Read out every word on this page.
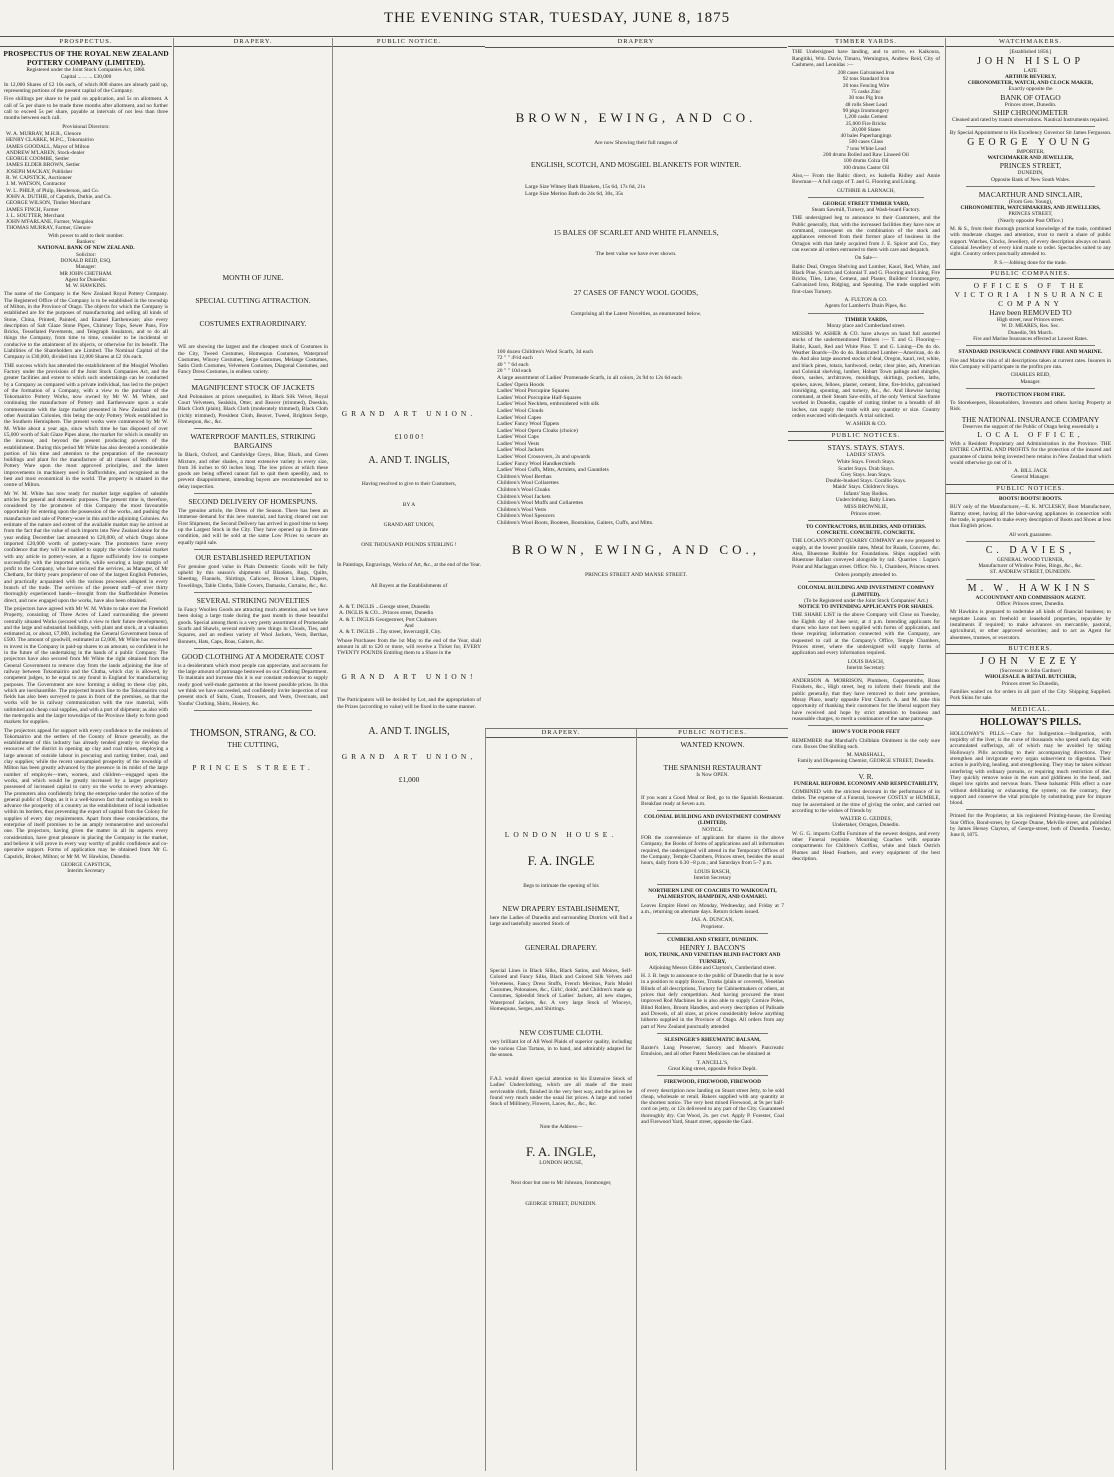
THE EVENING STAR, TUESDAY, JUNE 8, 1875
PROSPECTUS.
PROSPECTUS OF THE ROYAL NEW ZEALAND POTTERY COMPANY (LIMITED).
Registered under the Joint Stock Companies Act, 1860.
Capital ... ... ... £30,000
In 12,000 Shares of £2 10s each, of which 800 shares are already paid up, representing portions of the present capital of the Company.
Five shillings per share to be paid on application, and 5s on allotment. A call of 5s per share to be made three months after allotment, and no further call to exceed 5s per share, payable at intervals of not less than three months between each call.
Provisional Directors:
W. A. MURRAY, M.H.R., Glenore
HENRY CLARKE, M.P.C., Tokomairiro
JAMES GOODALL, Mayor of Milton
ANDREW M'LAREN, Stock-dealer
GEORGE COOMBE, Settler
JAMES ELDER BROWN, Settler
JOSEPH MACKAY, Publisher
R. W. CAPSTICK, Auctioneer
J. M. WATSON, Contractor
W. L. PHILP, of Philp, Henderson, and Co.
JOHN A. DUTHIE, of Capstick, Duthie, and Co.
GEORGE WILSON, Timber Merchant
JAMES FINCH, Farmer
J. L. SOUTTER, Merchant
JOHN M'FARLANE, Farmer, Waugalea
THOMAS MURRAY, Farmer, Glenore
With power to add to their number.
Bankers:
NATIONAL BANK OF NEW ZEALAND.
Solicitor:
DONALD REID, ESQ.
Manager:
MR JOHN CHETHAM.
Agent for Dunedin:
M. W. HAWKINS.
The name of the Company is the New Zealand Royal Pottery Company. The Registered Office of the Company is to be established in the township of Milton, in the Province of Otago. The objects for which the Company is established are for the purposes of manufacturing and selling all kinds of Stone, China, Printed, Painted, and Enamel Earthenware; also every description of Salt Glaze Stone Pipes, Chimney Tops, Sewer Pans, Fire Bricks, Tessellated Pavements, and Telegraph Insulators, and to do all things the Company, from time to time, consider to be incidental or conducive to the attainment of its objects, or otherwise for its benefit. The Liabilities of the Shareholders are Limited. The Nominal Capital of the Company is £30,000, divided into 12,000 Shares at £2 10s each.
THE success which has attended the establishment of the Mosgiel Woollen Factory under the provisions of the Joint Stock Companies Act, and the greater facilities and extent to which such undertakings can be conducted by a Company as compared with a private individual, has led to the project of the formation of a Company, with a view to the purchase of the Tokomairiro Pottery Works, now owned by Mr W. M. White, and continuing the manufacture of Pottery and Earthenware upon a scale commensurate with the large market presented in New Zealand and the other Australian Colonies, this being the only Pottery Work established in the Southern Hemisphere. The present works were commenced by Mr W. M. White about a year ago, since which time he has disposed of over £5,000 worth of Salt Glaze Pipes alone, the market for which is steadily on the increase, and beyond the present producing powers of the establishment. During this period Mr White has also devoted a considerable portion of his time and attention to the preparation of the necessary buildings and plant for the manufacture of all classes of Staffordshire Pottery Ware upon the most approved principles, and the latest improvements in machinery used in Staffordshire, and recognised as the best and most economical in the world. The property is situated in the centre of Milton.
Mr W. M. White has now ready for market large supplies of saleable articles for general and domestic purposes. The present time is, therefore, considered by the promoters of this Company the most favourable opportunity for entering upon the possession of the works, and pushing the manufacture and sale of Pottery-ware in this and the adjoining Colonies. An estimate of the nature and extent of the available market may be arrived at from the fact that the value of such imports into New Zealand alone for the year ending December last amounted to £20,000, of which Otago alone imported £20,000 worth of pottery-ware. The promoters have every confidence that they will be enabled to supply the whole Colonial market with any article in pottery-ware, at a figure sufficiently low to compete successfully with the imported article, while securing a large margin of profit to the Company, who have secured the services, as Manager, of Mr Chetham, for thirty years proprietor of one of the largest English Potteries, and practically acquainted with the various processes adopted in every branch of the trade. The services of the present staff—of over thirty thoroughly experienced hands—brought from the Staffordshire Potteries direct, and now engaged upon the works, have also been obtained.
The projectors have agreed with Mr W. M. White to take over the Freehold Property, consisting of Three Acres of Land surrounding the present centrally situated Works (secured with a view to their future development), and the large and substantial buildings, with plant and stock, at a valuation estimated at, or about, £7,000, including the General Government bonus of £500. The amount of goodwill, estimated at £2,000, Mr White has resolved to invest in the Company in paid-up shares to an amount, so confident is he in the future of the undertaking in the hands of a public Company. The projectors have also secured from Mr White the right obtained from the General Government to remove clay from the lands adjoining the line of railway between Tokomairiro and the Clutha, which clay is allowed, by competent judges, to be equal to any found in England for manufacturing purposes. The Government are now forming a siding to these clay pits, which are inexhaustible. The projected branch line to the Tokomairiro coal fields has also been surveyed to pass in front of the premises, so that the works will be in railway communication with the raw material, with unlimited and cheap coal supplies, and with a port of shipment; as also with the metropolis and the larger townships of the Province likely to form good markets for supplies.
The projectors appeal for support with every confidence to the residents of Tokomairiro and the settlers of the County of Bruce generally, as the establishment of this industry has already tended greatly to develop the resources of the district in opening up clay and coal mines, employing a large amount of outside labour in procuring and carting timber, coal, and clay supplies; while the recent unexampled prosperity of the township of Milton has been greatly advanced by the presence in its midst of the large number of employés—men, women, and children—engaged upon the works, and which would be greatly increased by a larger proprietary possessed of increased capital to carry on the works to every advantage. The promoters also confidently bring the enterprise under the notice of the general public of Otago, as it is a well-known fact that nothing so tends to advance the prosperity of a country as the establishment of local industries within its borders, thus preventing the export of capital from the Colony for supplies of every day requirements. Apart from these considerations, the enterprise of itself promises to be an amply remunerative and successful one. The projectors, having given the matter in all its aspects every consideration, have great pleasure in placing the Company in the market, and believe it will prove in every way worthy of public confidence and co-operative support. Forms of application may be obtained from Mr G. Capstick, Broker, Milton; or Mr M. W. Hawkins, Dunedin.
GEORGE CAPSTICK,
Interim Secretary
DRAPERY.
MONTH OF JUNE.
SPECIAL CUTTING ATTRACTION.
COSTUMES EXTRAORDINARY.
WE are showing the largest and the cheapest stock of Costumes in the City, Tweed Costumes, Homespun Costumes, Waterproof Costumes, Wincey Costumes, Serge Costumes, Melange Costumes, Satin Cloth Costumes, Velveteen Costumes, Diagonal Costumes, and Fancy Dress Costumes, in endless variety.
MAGNIFICENT STOCK OF JACKETS
And Polonaises at prices unequalled, in Black Silk Velvet, Royal Court Velveteen, Sealskin, Otter, and Beaver (trimmed), Doeskin, Black Cloth (plain), Black Cloth (moderately trimmed), Black Cloth (richly trimmed), President Cloth, Beaver, Tweed, Brighton Serge, Homespun, &c., &c.
WATERPROOF MANTLES, STRIKING BARGAINS
In Black, Oxford, and Cambridge Greys, Blue, Black, and Green Mixture, and other shades, a most extensive variety in every size, from 36 inches to 60 inches long. The low prices at which these goods are being offered cannot fail to quit them speedily, and, to prevent disappointment, intending buyers are recommended not to delay inspection.
SECOND DELIVERY OF HOMESPUNS.
The genuine article, the Dress of the Season. There has been an immense demand for this new material, and having cleared out our First Shipment, the Second Delivery has arrived in good time to keep up the Largest Stock in the City. They have opened up in first-rate condition, and will be sold at the same Low Prices to secure an equally rapid sale.
OUR ESTABLISHED REPUTATION
For genuine good value in Plain Domestic Goods will be fully upheld by this season's shipments of Blankets, Rugs, Quilts, Sheeting, Flannels, Shirtings, Calicoes, Brown Linen, Diapers, Towellings, Table Cloths, Table Covers, Damasks, Curtains, &c., &c.
SEVERAL STRIKING NOVELTIES
In Fancy Woollen Goods are attracting much attention, and we have been doing a large trade during the past month in these beautiful goods. Special among them is a very pretty assortment of Promenade Scarfs and Shawls, several entirely new things in Clouds, Ties, and Squares, and an endless variety of Wool Jackets, Vests, Berthas, Bonnets, Hats, Caps, Boas, Gaiters, &c.
GOOD CLOTHING AT A MODERATE COST
is a desideratum which most people can appreciate, and accounts for the large amount of patronage bestowed on our Clothing Department. To maintain and increase this it is our constant endeavour to supply ready good well-made garments at the lowest possible prices. In this we think we have succeeded, and confidently invite inspection of our present stock of Suits, Coats, Trousers, and Vests, Overcoats, and Youths' Clothing, Shirts, Hosiery, &c.
THOMSON, STRANG, & CO.
THE CUTTING,
PRINCES STREET.
PUBLIC NOTICE.
GRAND ART UNION.
£1 0 0 0 !
A. AND T. INGLIS,
Having resolved to give to their Customers,
BY A
GRAND ART UNION,
ONE THOUSAND POUNDS STERLING !
In Paintings, Engravings, Works of Art, &c., at the end of the Year.
All Buyers at the Establishments of
A. & T. INGLIS ...George street, Dunedin
A. INGLIS & CO....Princes street, Dunedin
A. & T. INGLIS Georgestreet, Port Chalmers
And
A. & T. INGLIS ...Tay street, Invercargill, City.
Whose Purchases from the 1st May to the end of the Year, shall amount in all to £20 or more, will receive a Ticket for, EVERY TWENTY POUNDS Entitling them to a Share in the
GRAND ART UNION!
The Participators will be decided by Lot, and the appropriation of the Prizes (according to value) will be fixed in the same manner.
A. AND T. INGLIS,
GRAND ART UNION,
£1,000
DRAPERY
BROWN, EWING, AND CO.
Are now Showing their full ranges of
ENGLISH, SCOTCH, AND MOSGIEL BLANKETS FOR WINTER.
Large Size Witney Bath Blankets, 15s 6d, 17s 6d, 21s
Large Size Merino Bath do 24s 6d, 30s, 35s
15 BALES OF SCARLET AND WHITE FLANNELS,
The best value we have ever shown.
27 CASES OF FANCY WOOL GOODS,
Comprising all the Latest Novelties, as enumerated below.
100 dozen Children's Wool Scarfs, 3d each
72 " " 4½d each
40 " " 6d each
20 " " 10d each
A large assortment of Ladies' Promenade Scarfs, in all colors, 2s 9d to 12s 6d each
Ladies' Opera Hoods
Ladies' Wool Porcupine Squares
Ladies' Wool Porcupine Half-Squares
Ladies' Wool Necklets, embroidered with silk
Ladies' Wool Clouds
Ladies' Wool Capes
Ladies' Fancy Wool Tippets
Ladies' Wool Opera Cloaks (choice)
Ladies' Wool Caps
Ladies' Wool Vests
Ladies' Wool Jackets
Ladies' Wool Crossovers, 2s and upwards
Ladies' Fancy Wool Handkerchiefs
Ladies' Wool Cuffs, Mitts, Armlets, and Gauntlets
Children's Wool Berthas
Children's Wool Collarettes
Children's Wool Cloaks
Children's Wool Jackets
Children's Wool Muffs and Collarettes
Children's Wool Vests
Children's Wool Spencers
Children's Wool Boots, Bootees, Bootakins, Gaiters, Cuffs, and Mitts.
BROWN, EWING, AND CO.,
PRINCES STREET AND MANSE STREET.
DRAPERY.
LONDON HOUSE.
F. A. INGLE
Begs to intimate the opening of his
NEW DRAPERY ESTABLISHMENT,
here the Ladies of Dunedin and surrounding Districts will find a large and tastefully assorted Stock of
GENERAL DRAPERY.
Special Lines in Black Silks, Black Satins, and Moires, Self-Colored and Fancy Silks, Black and Colored Silk Velvets and Velveteens, Fancy Dress Stuffs, French Merinos, Paris Model Costumes, Polonaises, &c., Girls', doids', and Children's made up Costumes, Splendid Stock of Ladies' Jackets, all new shapes, Waterproof Jackets, &c. A very large Stock of Winceys, Homespuns, Serges, and Shirtings.
NEW COSTUME CLOTH.
very brilliant lot of All Wool Plaids of superior quality, including the various Clan Tartans, in to hand, and admirably adapted for the season.
F.A.I. would direct special attention to his Extensive Stock of Ladies' Underclothing, which are all made of the most serviceable cloth, finished in the very best way, and the prices be found very much under the usual list prices. A large and varied Stock of Millinery, Flowers, Laces, &c., &c., &c.
Note the Address—
F. A. INGLE,
LONDON HOUSE,
Next door but one to Mr Johnson, Ironmonger,
GEORGE STREET, DUNEDIN.
PUBLIC NOTICES.
WANTED KNOWN.
THE SPANISH RESTAURANT
Is Now OPEN.
If you want a Good Meal or Bed, go to the Spanish Restaurant. Breakfast ready at Seven a.m.
COLONIAL BUILDING AND INVESTMENT COMPANY (LIMITED).
NOTICE.
FOR the convenience of applicants for shares in the above Company, the Books of forms of applications and all information required, the undersigned will attend in the Temporary Offices of the Company, Temple Chambers, Princes street, besides the usual hours, daily from 6.30 –8 p.m.; and Saturdays from 5–7 p.m.
LOUIS BASCH,
Interim Secretary
NORTHERN LINE OF COACHES TO WAIKOUAITI, PALMERSTON, HAMPDEN, AND OAMARU.
Leaves Empire Hotel on Monday, Wednesday, and Friday at 7 a.m., returning on alternate days. Return tickets issued.
JAS. A. DUNCAN,
Proprietor.
CUMBERLAND STREET, DUNEDIN.
HENRY J. BACON'S
BOX, TRUNK, AND VENETIAN BLIND FACTORY AND TURNERY,
Adjoining Messrs Gibbs and Clayton's, Cumberland street.
H. J. B. begs to announce to the public of Dunedin that he is now in a position to supply Boxes, Trunks (plain or covered), Venetian Blinds of all descriptions, Turnery for Cabinetmakers or others, at prices that defy competition. And having procured the most improved Rod Machines he is also able to supply Cornice Poles, Blind Rollers, Broom Handles, and every description of Palisade and Dowels, of all sizes, at prices considerably below anything hitherto supplied in the Province of Otago. All orders from any part of New Zealand punctually attended
SLESINGER'S RHEUMATIC BALSAM,
Baxter's Lung Preserver, Savory and Moore's Pancreatic Emulsion, and all other Patent Medicines can be obtained at
T. ANCELL'S,
Great King street, opposite Police Depôt.
FIREWOOD, FIREWOOD, FIREWOOD
of every description now landing on Stuart street Jetty, to be sold cheap, wholesale or retail. Bakers supplied with any quantity at the shortest notice. The very best mixed Firewood, at 9s per half-cord on jetty, or 12s delivered to any part of the City. Guaranteed thoroughly dry. Cut Wood, 2s. per cwt. Apply P. Forester, Coal and Firewood Yard, Stuart street, opposite the Gaol.
TIMBER YARDS.
THE Undersigned have landing, and to arrive, ex Kaikoura, Rangitiki, Wm. Davie, Timaru, Wemington, Andrew Reid, City of Cashmere, and Leonidas :—
208 cases Galvanised Iron
92 tons Standard Iron
20 tons Fencing Wire
75 casks Zinc
30 tons Pig Iron
48 rolls Sheet Lead
90 pkgs Ironmongery
1,200 casks Cement
25,000 Fire Bricks
20,000 Slates
40 bales Paperhangings
500 cases Glass
7 tons White Lead
200 drums Boiled and Raw Linseed Oil
100 drums Colza Oil
100 drums Castor Oil
Also,— From the Baltic direct, ex Isabella Ridley and Annie Bowman— A full cargo of T. and G. Flooring and Lining.
GUTHRIE & LARNACH,
GEORGE STREET TIMBER YARD,
Steam Sawmill, Turnery, and Wash-board Factory.
THE undersigned beg to announce to their Customers, and the Public generally, that, with the increased facilities they have now at command, consequent on the combination of the stock and appliances removed from their former place of business in the Octagon with that lately acquired from J. E. Spicer and Co., they can execute all orders entrusted to them with care and despatch.
On Sale—
Baltic Deal, Oregon Shelving and Lumber, Kauri, Red, White, and Black Pine, Scotch and Colonial T. and G. Flooring and Lining, Fire Bricks, Tiles, Lime, Cement, and Plaster, Builders' Ironmongery, Galvanized Iron, Ridging, and Spouting. The trade supplied with first-class Turnery.
A. FULTON & CO.
Agents for Lambert's Drain Pipes, &c.
TIMBER YARDS,
Moray place and Cumberland street.
MESSRS W. ASHER & CO. have always on hand full assorted stocks of the undermentioned Timbers :— T. and G. Flooring—Baltic, Kauri, Red and White Pine. T. and G. Lining—Do do do. Weather Boards—Do do do. Rusticated Lumber—American, do do do. And also large assorted stocks of deal, Oregon, kauri, red, white, and black pines, totara, hardwood, cedar, clear pine, ash, American and Colonial shelving, lumber, Hobart Town palings and shingles, doors, sashes, architraves, mouldings, skirtings, pockets, laths, spokes, naves, felloes, plaster, cement, lime, fire-bricks, galvanised ironridging, spouting, and turnery, &c., &c. And likewise having command, at their Steam Saw-mills, of the only Vertical Sawframe worked in Dunedin, capable of cutting timber to a breadth of 48 inches, can supply the trade with any quantity or size. Country orders executed with despatch. A trial solicited.
W. ASHER & CO.
PUBLIC NOTICES.
STAYS. STAYS. STAYS.
LADIES' STAYS.
White Stays. French Stays.
Scarlet Stays. Drab Stays.
Grey Stays. Jean Stays.
Double-busked Stays. Corallie Stays.
Maids' Stays. Children's Stays.
Infants' Stay Bodies.
Underclothing. Baby Linen.
MISS BROWNLIE,
Princes street.
TO CONTRACTORS, BUILDERS, AND OTHERS.
CONCRETE. CONCRETE. CONCRETE.
THE LOGAN'S POINT QUARRY COMPANY are now prepared to supply, at the lowest possible rates, Metal for Roads, Concrete, &c. Also, Bluestone Rubble for Foundations. Ships supplied with Bluestone Ballast conveyed alongside by rail. Quarries : Logan's Point and Maclaggan street. Office: No. 1, Chambers, Princes street.
Orders promptly attended to.
COLONIAL BUILDING AND INVESTMENT COMPANY (LIMITED).
(To be Registered under the Joint Stock Companies' Act.)
NOTICE TO INTENDING APPLICANTS FOR SHARES.
THE SHARE LIST in the above Company will Close on Tuesday, the Eighth day of June next, at 4 p.m. Intending applicants for shares who have not been supplied with forms of application, and those requiring information connected with the Company, are requested to call at the Company's Office, Temple Chambers, Princes street, where the undersigned will supply forms of application and every information required.
LOUIS BASCH,
Interim Secretary.
ANDERSON & MORRISON, Plumbers, Coppersmiths, Brass Finishers, &c., High street, beg to inform their friends and the public generally, that they have removed to their new premises, Moray Place, nearly opposite First Church. A. and M. take this opportunity of thanking their customers for the liberal support they have received and hope by strict attention to business and reasonable charges, to merit a continuance of the same patronage.
HOW'S YOUR POOR FEET
REMEMBER that Marshall's Chilblain Ointment is the only sure cure. Boxes One Shilling each.
M. MARSHALL,
Family and Dispensing Chemist, GEORGE STREET, Dunedin.
V. R.
FUNERAL REFORM. ECONOMY AND RESPECTABILITY,
COMBINED with the strictest decorum in the performance of its duties. The expense of a Funeral, however COSTLY or HUMBLE, may be ascertained at the time of giving the order, and carried out according to the wishes of friends by
WALTER G. GEDDES,
Undertaker, Octagon, Dunedin.
W. G. G. imports Coffin Furniture of the newest designs, and every other Funeral requisite. Mourning Coaches with separate compartments for Children's Coffins, white and black Ostrich Plumes and Head Feathers, and every equipment of the best description.
WATCHMAKERS.
[Established 1856.]
JOHN HISLOP
LATE
ARTHUR BEVERLY,
CHRONOMETER, WATCH, AND CLOCK MAKER,
Exactly opposite the
BANK OF OTAGO
Princes street, Dunedin.
SHIP CHRONOMETER
Cleaned and rated by transit observations. Nautical Instruments repaired.
By Special Appointment to His Excellency Governor Sir James Fergusson.
GEORGE YOUNG
IMPORTER,
WATCHMAKER AND JEWELLER,
PRINCES STREET,
DUNEDIN,
Opposite Bank of New South Wales.
MACARTHUR AND SINCLAIR,
(From Geo. Young),
CHRONOMETER, WATCHMAKERS, AND JEWELLERS,
PRINCES STREET,
(Nearly opposite Post Office.)
M. & S., from their thorough practical knowledge of the trade, combined with moderate charges and attention, trust to merit a share of public support. Watches, Clocks, Jewellery, of every description always on hand. Colonial Jewellery of every kind made to order. Spectacles suited to any sight. Country orders punctually attended to.
P. S.—Jobbing done for the trade.
PUBLIC COMPANIES.
OFFICES OF THE VICTORIA INSURANCE COMPANY
Have been REMOVED TO
High street, near Princes street.
W. D. MEARES, Res. Sec.
Dunedin, 9th March.
Fire and Marine Insurances effected at Lowest Rates.
STANDARD INSURANCE COMPANY FIRE AND MARINE.
Fire and Marine risks of all descriptions taken at current rates. Insurers in this Company will participate in the profits pro rata.
CHARLES REID,
Manager.
PROTECTION FROM FIRE.
To Storekeepers, Householders, Investors and others having Property at Risk.
THE NATIONAL INSURANCE COMPANY
Deserves the support of the Public of Otago being essentially a
LOCAL OFFICE,
With a Resident Proprietary and Administration in the Province. THE ENTIRE CAPITAL AND PROFITS for the protection of the insured and guarantee of claims being invested here retains in New Zealand that which would otherwise go out of it.
A. BILL JACK
General Manager.
PUBLIC NOTICES.
BOOTS! BOOTS! BOOTS.
BUY only of the Manufacturer,—E. K. M'CLESKY, Boot Manufacturer, Rattray street, having all the labor-saving appliances in connection with the trade, is prepared to make every description of Boots and Shoes at less than English prices.
All work guarantee.
C. DAVIES,
GENERAL WOOD TURNER,
Manufacturer of Window Poles, Rings, &c., &c.
ST. ANDREW STREET, DUNEDIN.
M. W. HAWKINS
ACCOUNTANT AND COMMISSION AGENT.
Office: Princes street, Dunedin.
Mr Hawkins is prepared to undertake all kinds of financial business; to negotiate Loans on freehold or leasehold properties, repayable by instalments if required; to make advances on mercantile, pastoral, agricultural, or other approved securities; and to act as Agent for absentees, trustees, or executors.
BUTCHERS.
JOHN VEZEY
(Successor to John Gardner)
WHOLESALE & RETAIL BUTCHER,
Princes street So Dunedin,
Families waited on for orders in all part of the City. Shipping Supplied. Pork Skins for sale.
MEDICAL.
HOLLOWAY'S PILLS.
HOLLOWAY'S PILLS.—Cure for Indigestion.—Indigestion, with torpidity of the liver, is the curse of thousands who spend each day with accumulated sufferings, all of which may be avoided by taking Holloway's Pills according to their accompanying directions. They strengthen and invigorate every organ subservient to digestion. Their action is purifying, healing, and strengthening. They may be taken without interfering with ordinary pursuits, or requiring much restriction of diet. They quickly remove noise in the ears and giddiness in the head, and dispel low spirits and nervous fears. These balsamic Pills effect a cure without debilitating or exhausting the system; on the contrary, they support and conserve the vital principle by substituting pure for impure blood.
Printed for the Proprietor, at his registered Printing-house, the Evening Star Office, Bond-street, by George Dunne, Melville street, and published by James Hersey Clayton, of George-street, both of Dunedin. Tuesday, June 8, 1875.
